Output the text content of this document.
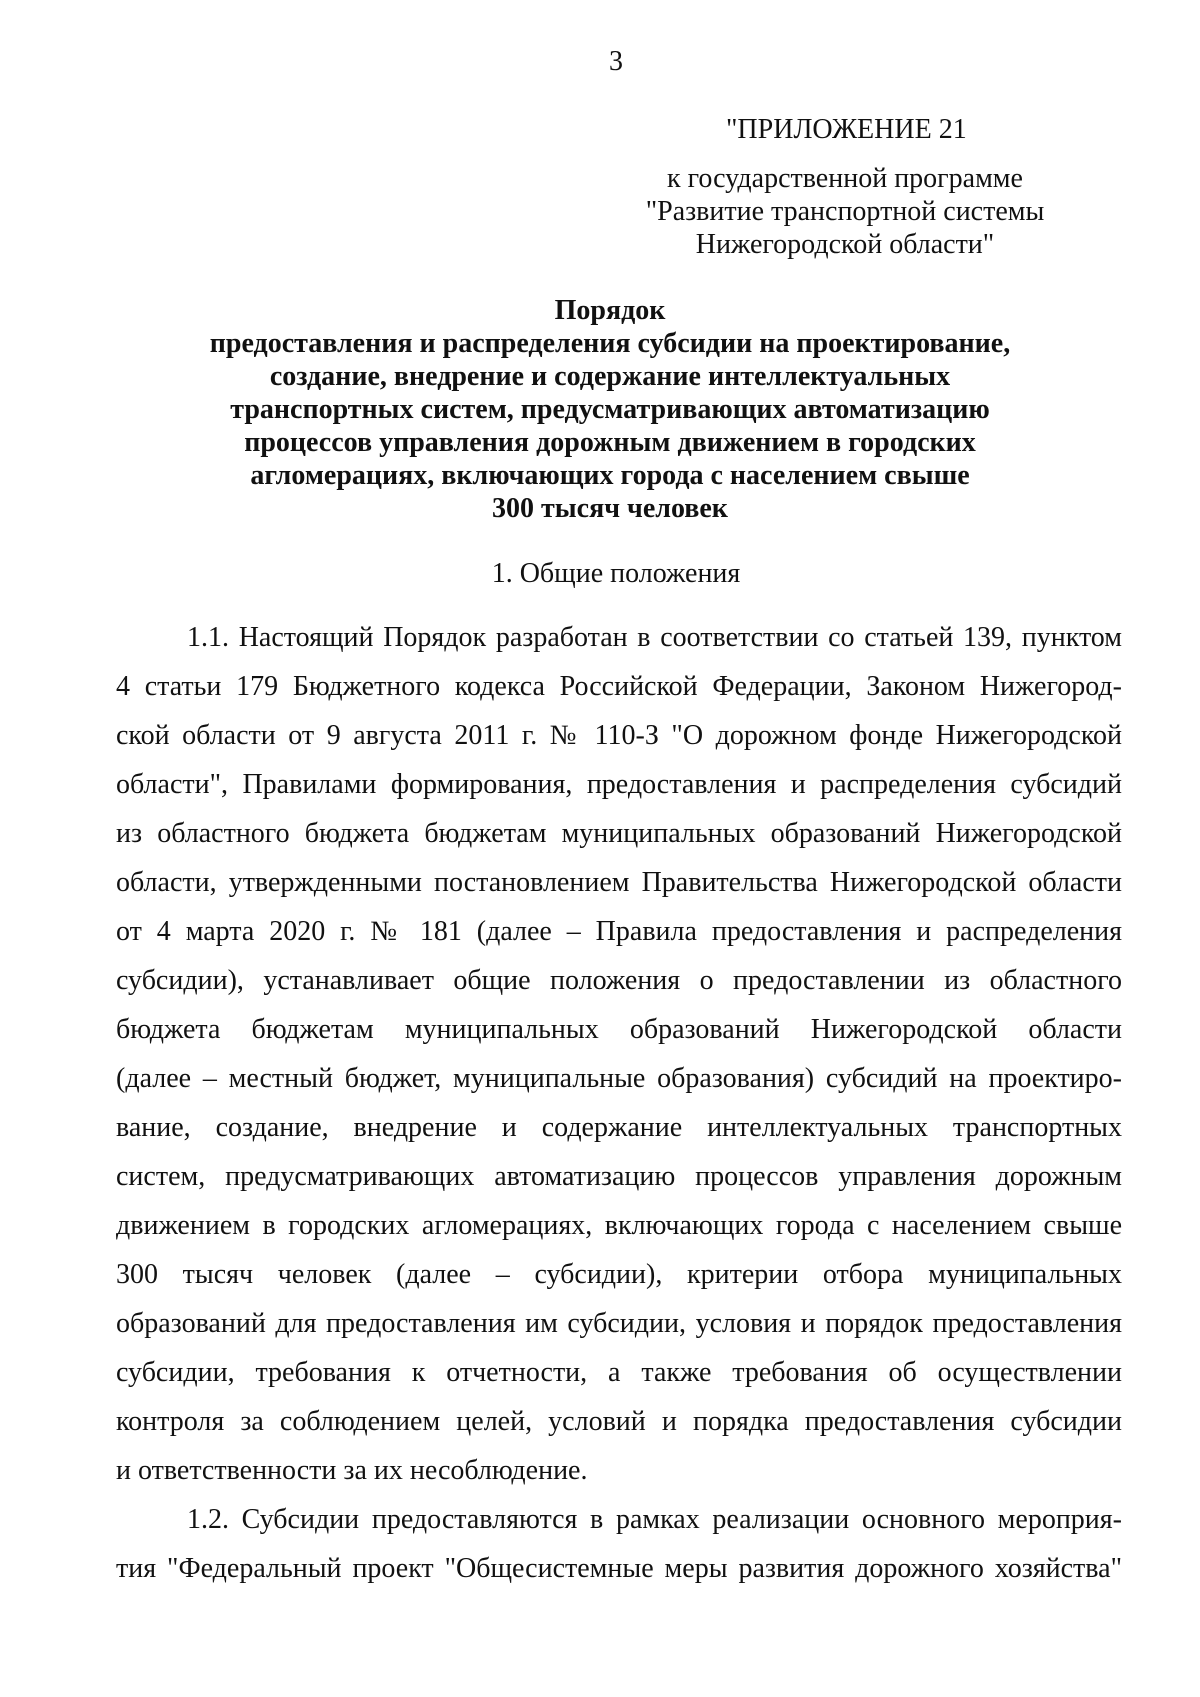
3
"ПРИЛОЖЕНИЕ 21
к государственной программе
"Развитие транспортной системы
Нижегородской области"
Порядок
предоставления и распределения субсидии на проектирование,
создание, внедрение и содержание интеллектуальных
транспортных систем, предусматривающих автоматизацию
процессов управления дорожным движением в городских
агломерациях, включающих города с населением свыше
300 тысяч человек
1. Общие положения
1.1. Настоящий Порядок разработан в соответствии со статьей 139, пунктом
4 статьи 179 Бюджетного кодекса Российской Федерации, Законом Нижегород-
ской области от 9 августа 2011 г. № 110-З "О дорожном фонде Нижегородской
области", Правилами формирования, предоставления и распределения субсидий
из областного бюджета бюджетам муниципальных образований Нижегородской
области, утвержденными постановлением Правительства Нижегородской области
от 4 марта 2020 г. № 181 (далее – Правила предоставления и распределения
субсидии), устанавливает общие положения о предоставлении из областного
бюджета бюджетам муниципальных образований Нижегородской области
(далее – местный бюджет, муниципальные образования) субсидий на проектиро-
вание, создание, внедрение и содержание интеллектуальных транспортных
систем, предусматривающих автоматизацию процессов управления дорожным
движением в городских агломерациях, включающих города с населением свыше
300 тысяч человек (далее – субсидии), критерии отбора муниципальных
образований для предоставления им субсидии, условия и порядок предоставления
субсидии, требования к отчетности, а также требования об осуществлении
контроля за соблюдением целей, условий и порядка предоставления субсидии
и ответственности за их несоблюдение.
1.2. Субсидии предоставляются в рамках реализации основного мероприя-
тия "Федеральный проект "Общесистемные меры развития дорожного хозяйства"
